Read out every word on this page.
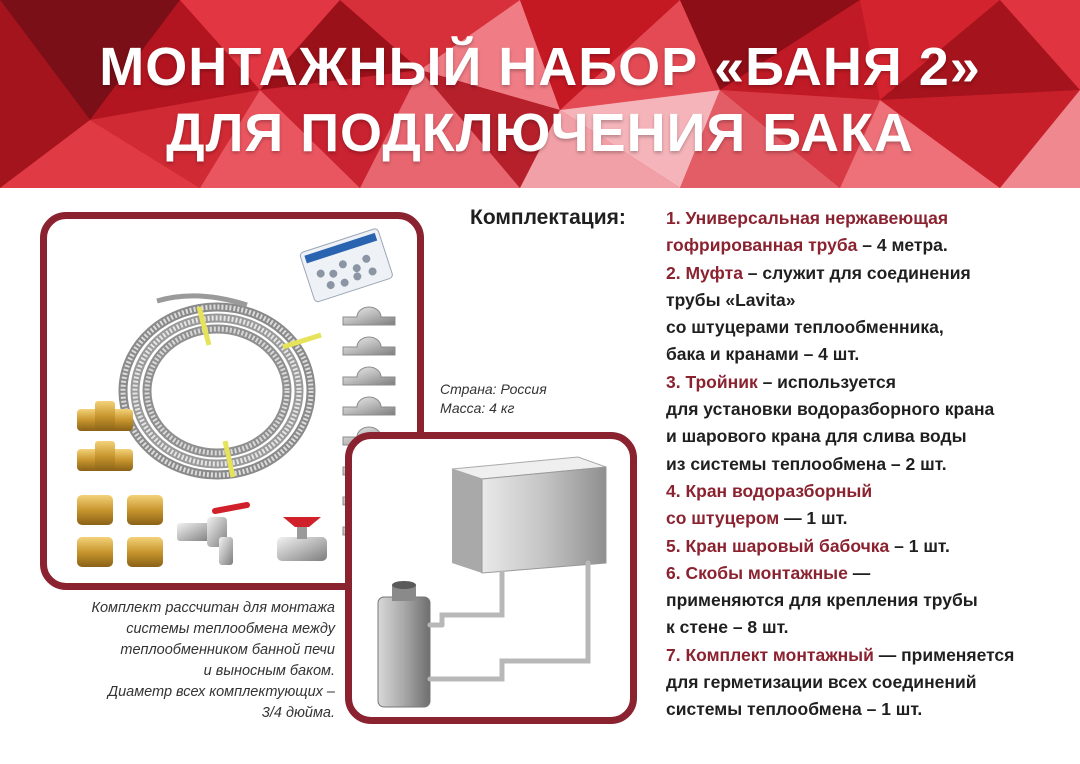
МОНТАЖНЫЙ НАБОР «БАНЯ 2»
ДЛЯ ПОДКЛЮЧЕНИЯ БАКА
Страна: Россия
Масса: 4 кг
Комплект рассчитан для монтажа
системы теплообмена между
теплообменником банной печи
и выносным баком.
Диаметр всех комплектующих –
3/4 дюйма.
Комплектация: 1. Универсальная нержавеющая
гофрированная труба – 4 метра.
2. Муфта – служит для соединения
трубы «Lavita»
со штуцерами теплообменника,
бака и кранами – 4 шт.
3. Тройник – используется
для установки водоразборного крана
и шарового крана для слива воды
из системы теплообмена – 2 шт.
4. Кран водоразборный
со штуцером — 1 шт.
5. Кран шаровый бабочка – 1 шт.
6. Скобы монтажные —
применяются для крепления трубы
к стене – 8 шт.
7. Комплект монтажный — применяется
для герметизации всех соединений
системы теплообмена – 1 шт.
